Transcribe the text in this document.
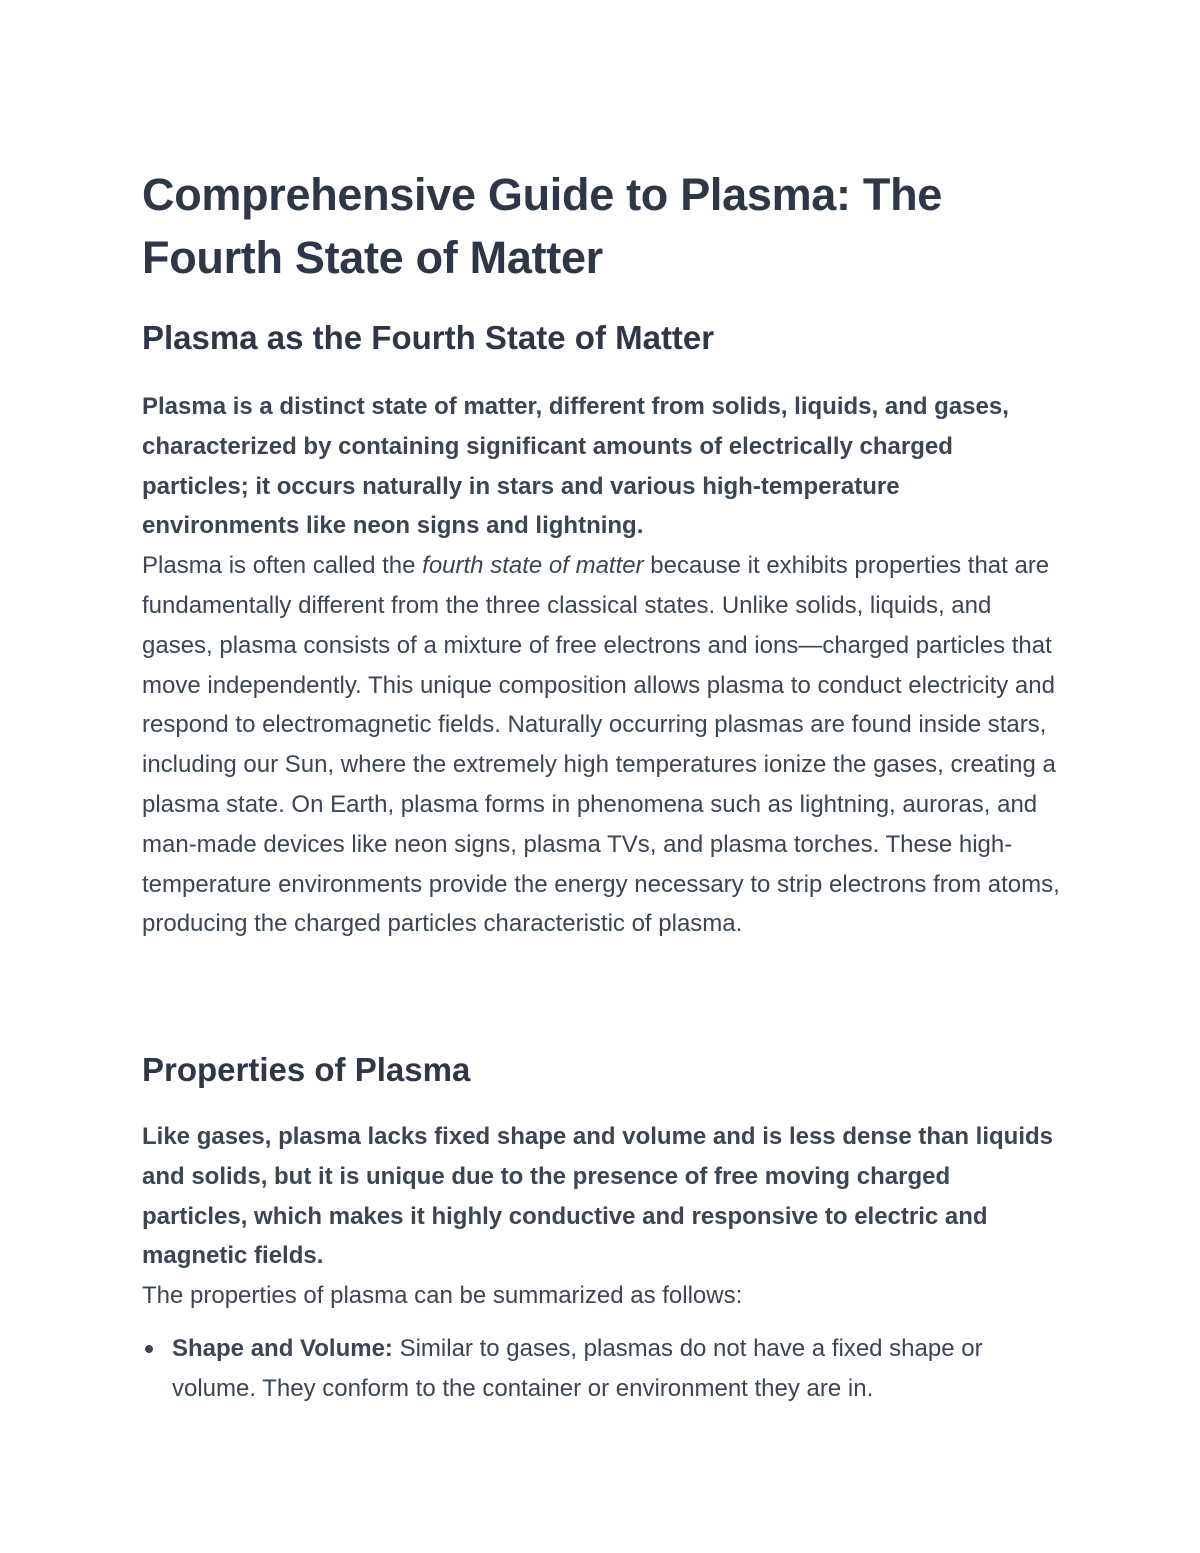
Comprehensive Guide to Plasma: The Fourth State of Matter
Plasma as the Fourth State of Matter

Plasma is a distinct state of matter, different from solids, liquids, and gases, characterized by containing significant amounts of electrically charged particles; it occurs naturally in stars and various high-temperature environments like neon signs and lightning.

Plasma is often called the fourth state of matter because it exhibits properties that are fundamentally different from the three classical states. Unlike solids, liquids, and gases, plasma consists of a mixture of free electrons and ions—charged particles that move independently. This unique composition allows plasma to conduct electricity and respond to electromagnetic fields. Naturally occurring plasmas are found inside stars, including our Sun, where the extremely high temperatures ionize the gases, creating a plasma state. On Earth, plasma forms in phenomena such as lightning, auroras, and man-made devices like neon signs, plasma TVs, and plasma torches. These high-temperature environments provide the energy necessary to strip electrons from atoms, producing the charged particles characteristic of plasma.

Properties of Plasma

Like gases, plasma lacks fixed shape and volume and is less dense than liquids and solids, but it is unique due to the presence of free moving charged particles, which makes it highly conductive and responsive to electric and magnetic fields.

The properties of plasma can be summarized as follows:

Shape and Volume: Similar to gases, plasmas do not have a fixed shape or volume. They conform to the container or environment they are in.
